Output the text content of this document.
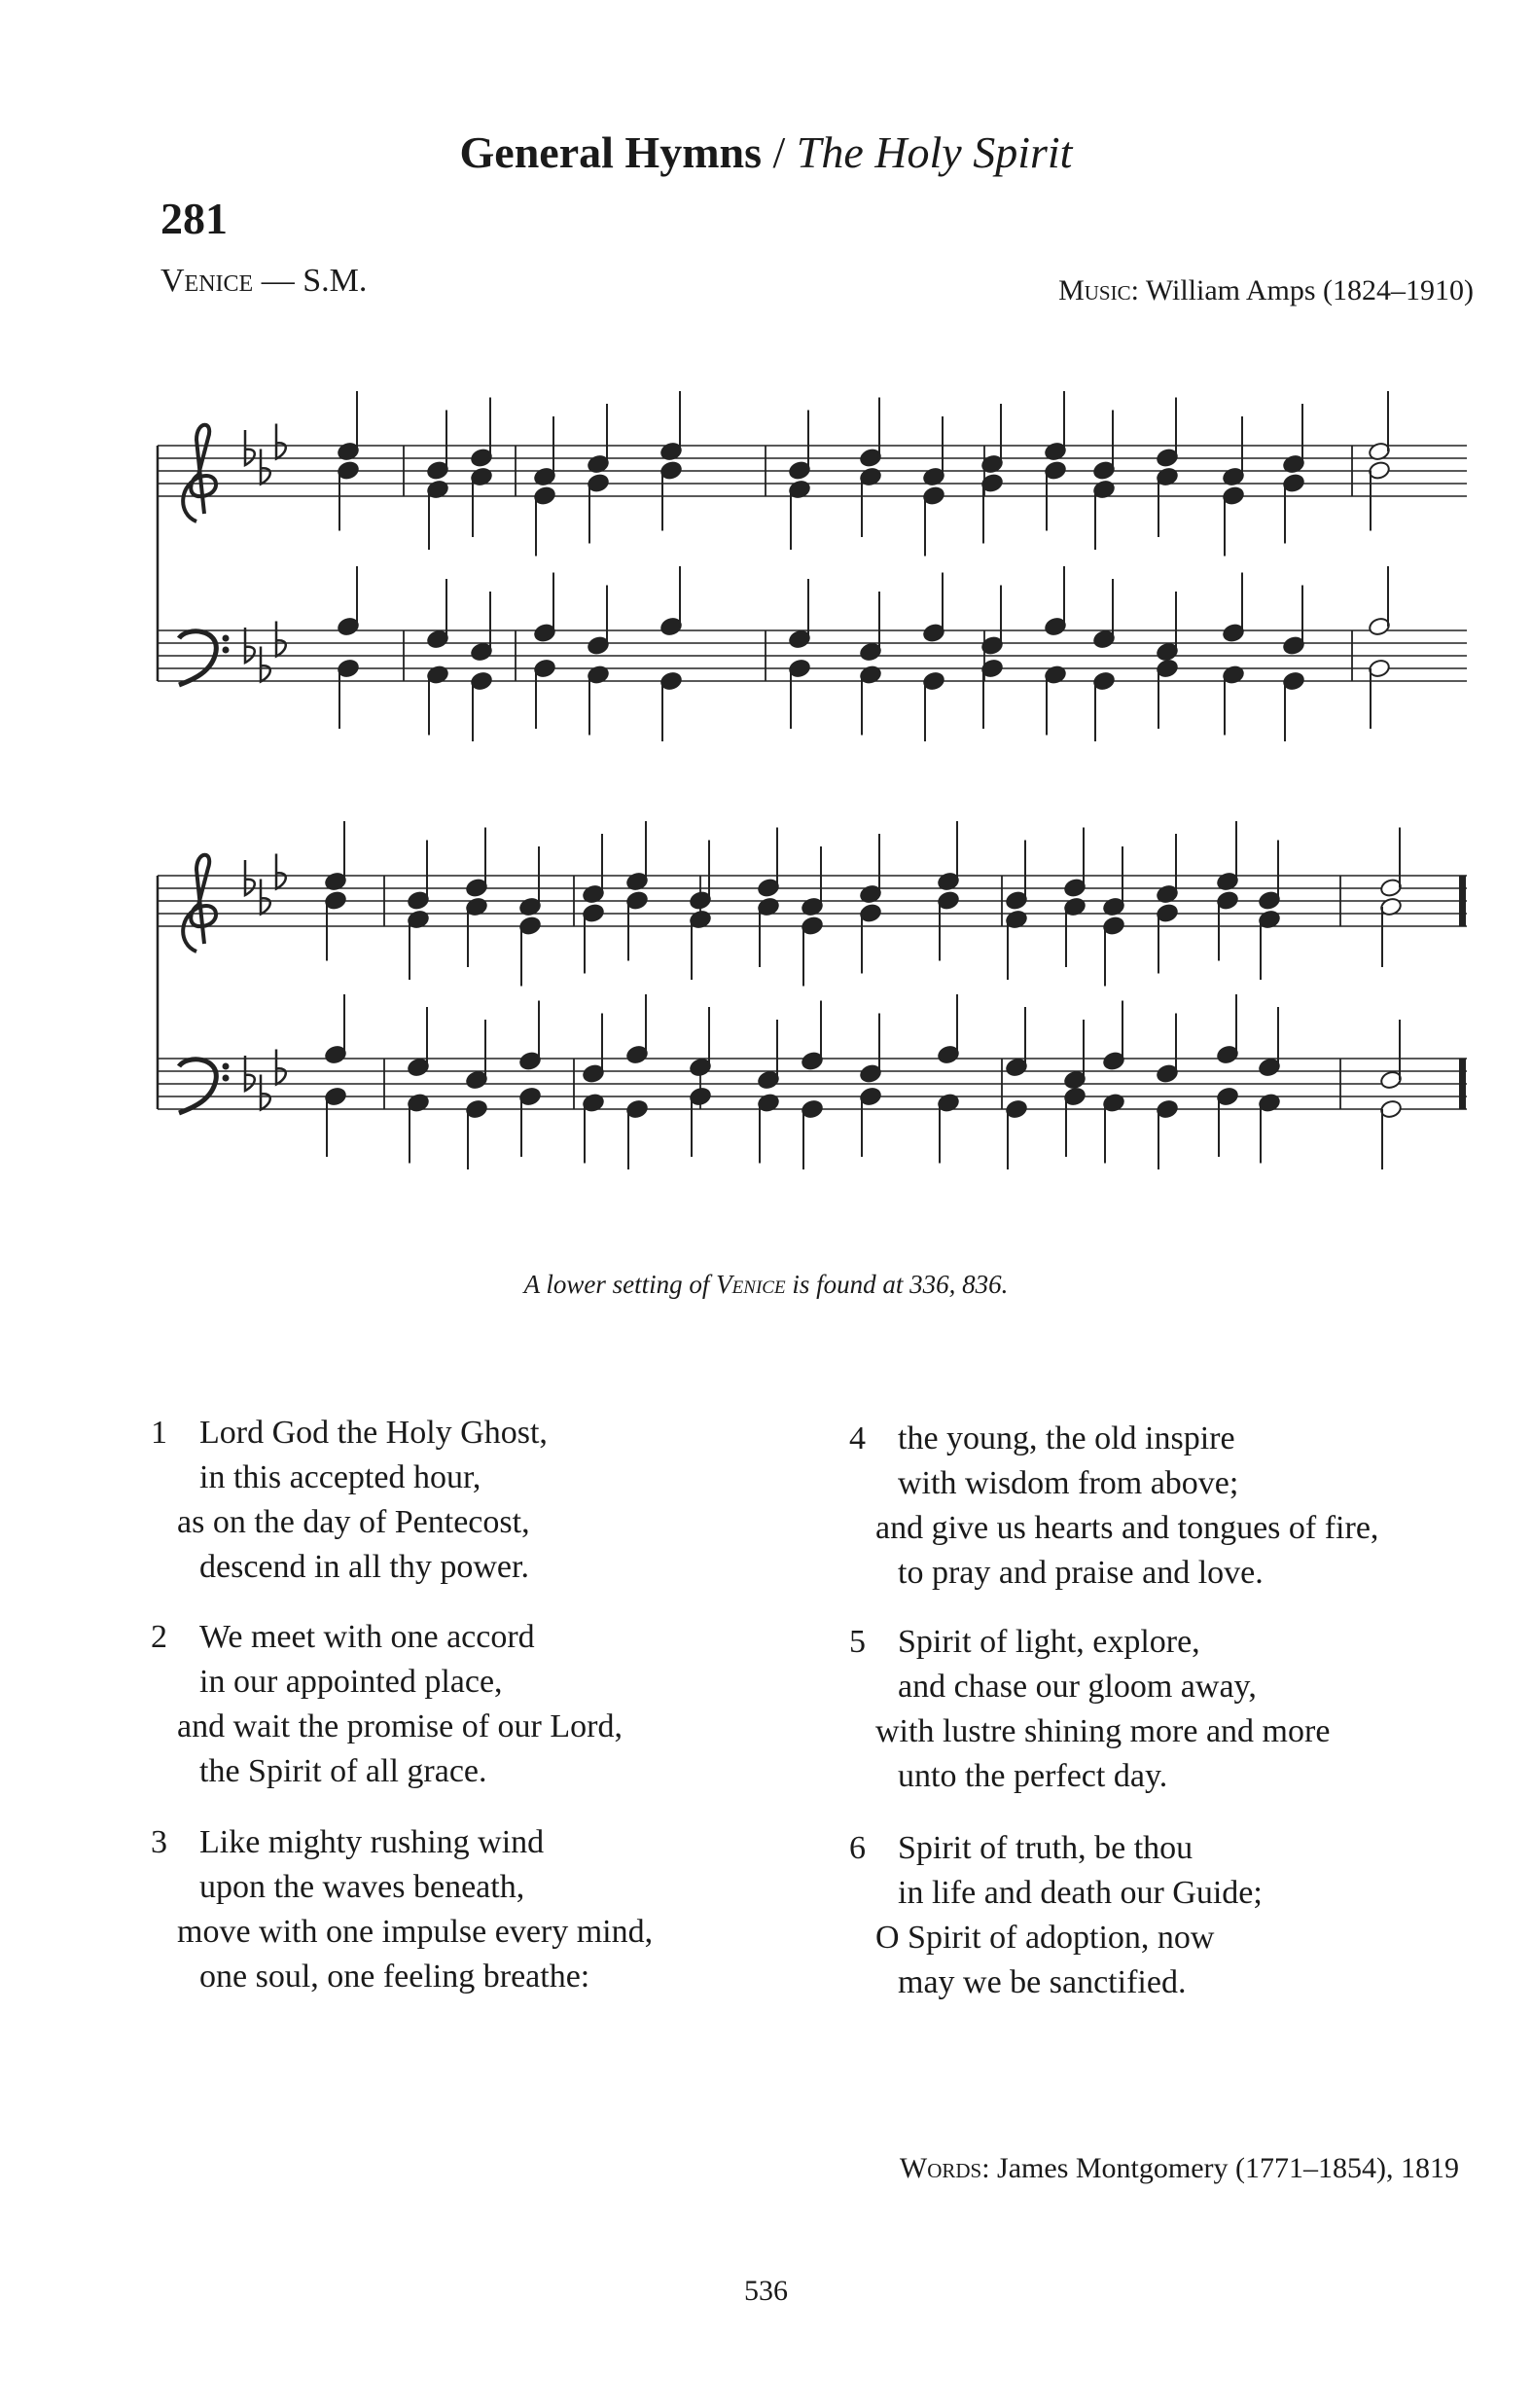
General Hymns / The Holy Spirit
281
Venice — S.M.	Music: William Amps (1824–1910)
A lower setting of Venice is found at 336, 836.
1 Lord God the Holy Ghost,
in this accepted hour,
as on the day of Pentecost,
descend in all thy power.
2 We meet with one accord
in our appointed place,
and wait the promise of our Lord,
the Spirit of all grace.
3 Like mighty rushing wind
upon the waves beneath,
move with one impulse every mind,
one soul, one feeling breathe:
4 the young, the old inspire
with wisdom from above;
and give us hearts and tongues of fire,
to pray and praise and love.
5 Spirit of light, explore,
and chase our gloom away,
with lustre shining more and more
unto the perfect day.
6 Spirit of truth, be thou
in life and death our Guide;
O Spirit of adoption, now
may we be sanctified.
Words: James Montgomery (1771–1854), 1819
536
